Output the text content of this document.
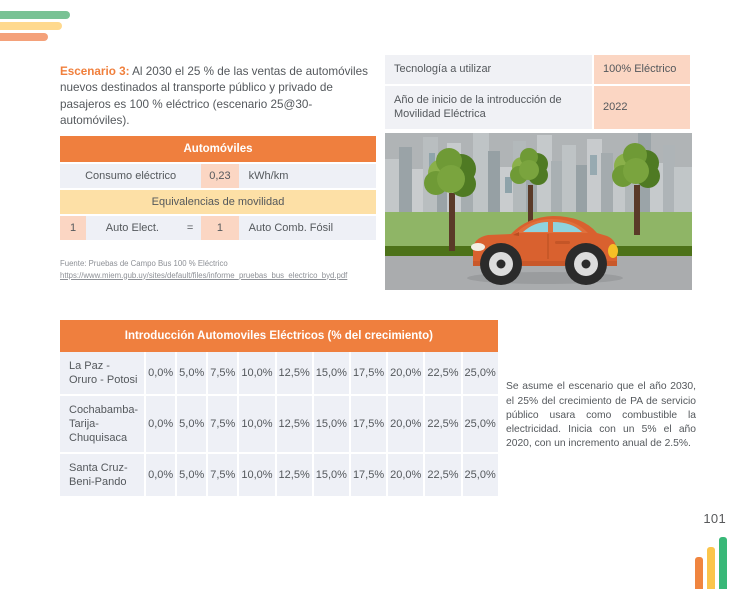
Escenario 3: Al 2030 el 25 % de las ventas de automóviles nuevos destinados al transporte público y privado de pasajeros es 100 % eléctrico (escenario 25@30-automóviles).

Tecnología a utilizar	100% Eléctrico
Año de inicio de la introducción de Movilidad Eléctrica	2022
Automóviles				
Consumo eléctrico			0,23	kWh/km
Equivalencias de movilidad				
1	Auto Elect.	=	1	Auto Comb. Fósil
Fuente: Pruebas de Campo Bus 100 % Eléctrico
https://www.miem.gub.uy/sites/default/files/informe_pruebas_bus_electrico_byd.pdf
Introducción Automoviles Eléctricos (% del crecimiento)										
La Paz - Oruro - Potosi	0,0%	5,0%	7,5%	10,0%	12,5%	15,0%	17,5%	20,0%	22,5%	25,0%
Cochabamba-Tarija-Chuquisaca	0,0%	5,0%	7,5%	10,0%	12,5%	15,0%	17,5%	20,0%	22,5%	25,0%
Santa Cruz-Beni-Pando	0,0%	5,0%	7,5%	10,0%	12,5%	15,0%	17,5%	20,0%	22,5%	25,0%

Se asume el escenario que el año 2030, el 25% del crecimiento de PA de servicio público usara como combustible la electricidad. Inicia con un 5% el año 2020, con un incremento anual de 2.5%.

101
